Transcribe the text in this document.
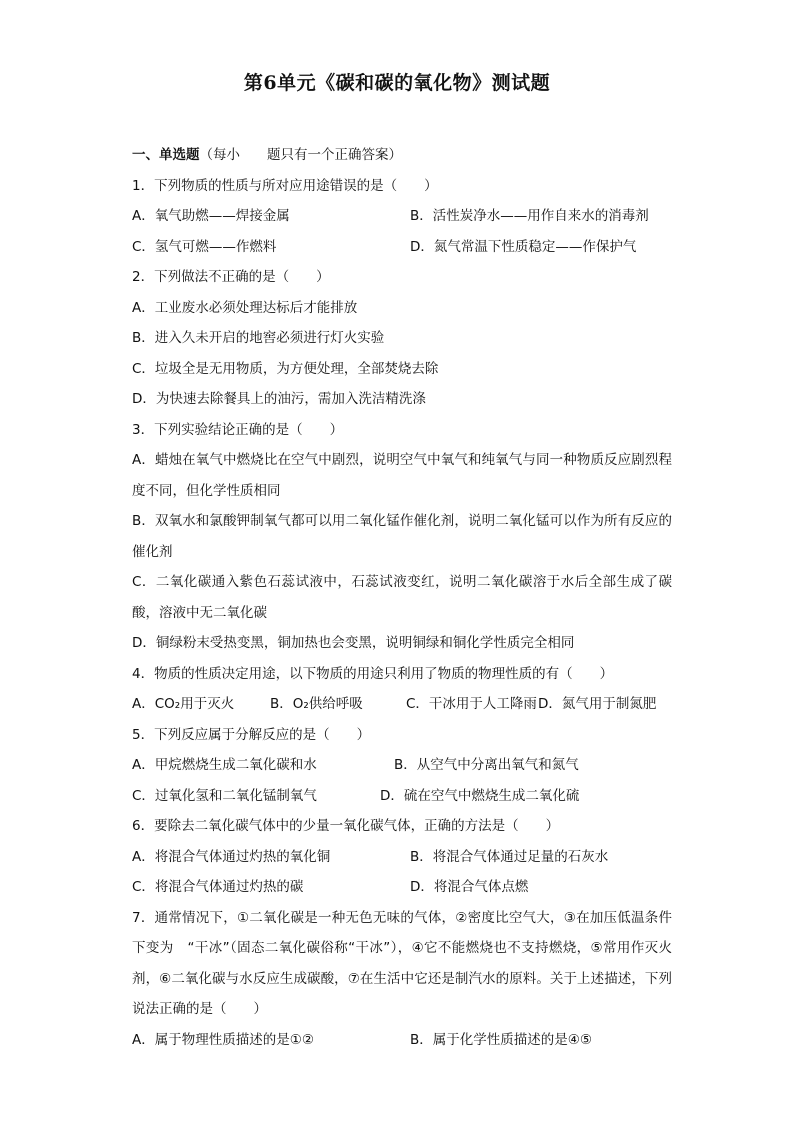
第6单元《碳和碳的氧化物》测试题
一、单选题（每小　　题只有一个正确答案）
1．下列物质的性质与所对应用途错误的是（　　）
A．氧气助燃——焊接金属	B．活性炭净水——用作自来水的消毒剂
C．氢气可燃——作燃料	D．氮气常温下性质稳定——作保护气
2．下列做法不正确的是（　　）
A．工业废水必须处理达标后才能排放
B．进入久未开启的地窖必须进行灯火实验
C．垃圾全是无用物质，为方便处理，全部焚烧去除
D．为快速去除餐具上的油污，需加入洗洁精洗涤
3．下列实验结论正确的是（　　）
A．蜡烛在氧气中燃烧比在空气中剧烈，说明空气中氧气和纯氧气与同一种物质反应剧烈程度不同，但化学性质相同
B．双氧水和氯酸钾制氧气都可以用二氧化锰作催化剂，说明二氧化锰可以作为所有反应的催化剂
C．二氧化碳通入紫色石蕊试液中，石蕊试液变红，说明二氧化碳溶于水后全部生成了碳酸，溶液中无二氧化碳
D．铜绿粉末受热变黑，铜加热也会变黑，说明铜绿和铜化学性质完全相同
4．物质的性质决定用途，以下物质的用途只利用了物质的物理性质的有（　　）
A．CO₂用于灭火	B．O₂供给呼吸	C．干冰用于人工降雨 D．氮气用于制氮肥
5．下列反应属于分解反应的是（　　）
A．甲烷燃烧生成二氧化碳和水	B．从空气中分离出氧气和氮气
C．过氧化氢和二氧化锰制氧气	D．硫在空气中燃烧生成二氧化硫
6．要除去二氧化碳气体中的少量一氧化碳气体，正确的方法是（　　）
A．将混合气体通过灼热的氧化铜	B．将混合气体通过足量的石灰水
C．将混合气体通过灼热的碳	D．将混合气体点燃
7．通常情况下，①二氧化碳是一种无色无味的气体，②密度比空气大，③在加压低温条件下变为　“干冰”（固态二氧化碳俗称“干冰”），④它不能燃烧也不支持燃烧，⑤常用作灭火剂，⑥二氧化碳与水反应生成碳酸，⑦在生活中它还是制汽水的原料。关于上述描述，下列说法正确的是（　　）
A．属于物理性质描述的是①②	B．属于化学性质描述的是④⑤
